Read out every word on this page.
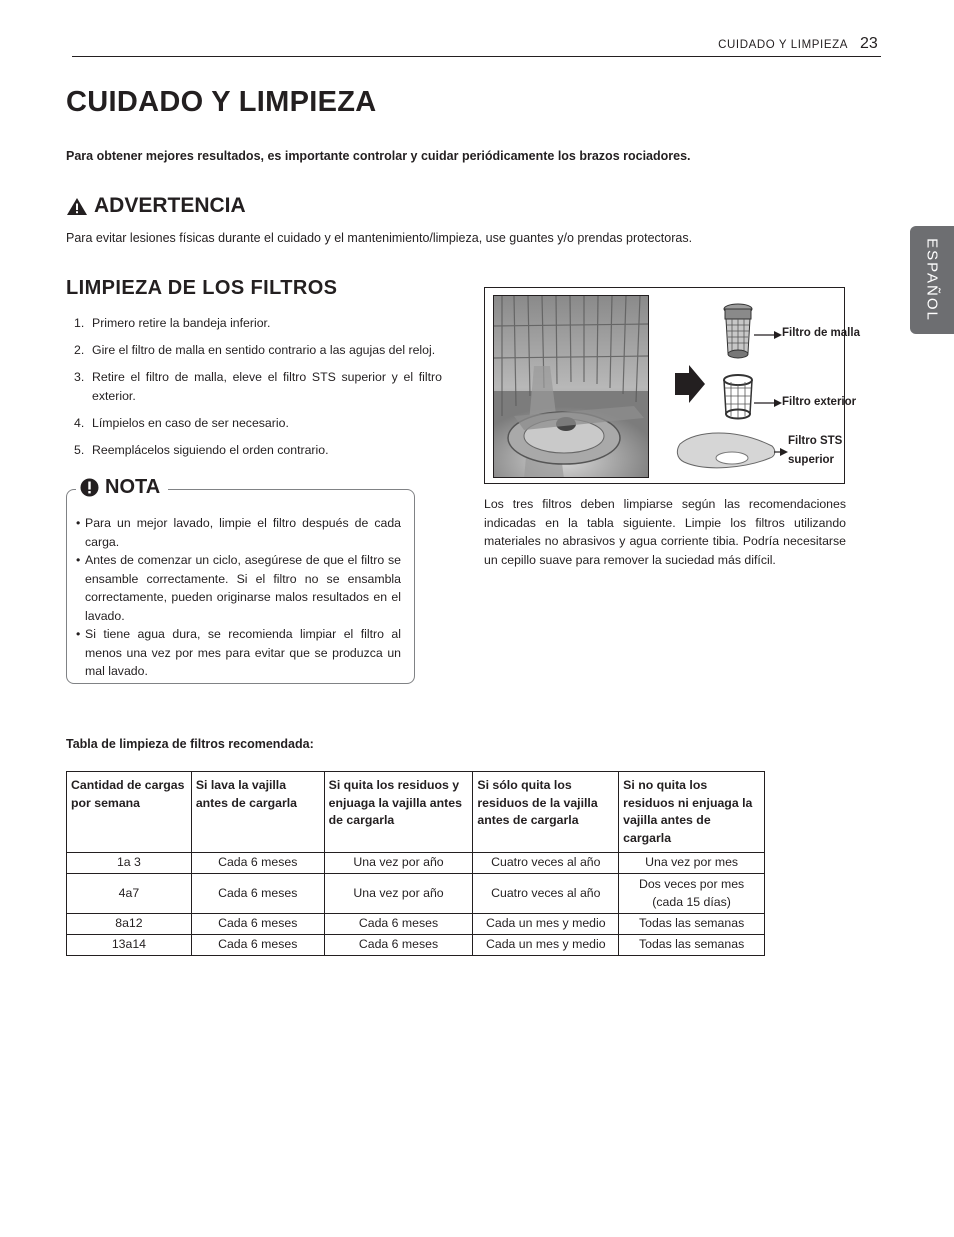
CUIDADO Y LIMPIEZA 23
ESPAÑOL
CUIDADO Y LIMPIEZA

Para obtener mejores resultados, es importante controlar y cuidar periódicamente los brazos rociadores.

ADVERTENCIA

Para evitar lesiones físicas durante el cuidado y el mantenimiento/limpieza, use guantes y/o prendas protectoras.

LIMPIEZA DE LOS FILTROS
1. Primero retire la bandeja inferior.
2. Gire el filtro de malla en sentido contrario a las agujas del reloj.
3. Retire el filtro de malla, eleve el filtro STS superior y el filtro exterior.
4. Límpielos en caso de ser necesario.
5. Reemplácelos siguiendo el orden contrario.
NOTA
• Para un mejor lavado, limpie el filtro después de cada carga.
• Antes de comenzar un ciclo, asegúrese de que el filtro se ensamble correctamente. Si el filtro no se ensambla correctamente, pueden originarse malos resultados en el lavado.
• Si tiene agua dura, se recomienda limpiar el filtro al menos una vez por mes para evitar que se produzca un mal lavado.
Filtro de malla
Filtro exterior
Filtro STS
superior

Los tres filtros deben limpiarse según las recomendaciones indicadas en la tabla siguiente. Limpie los filtros utilizando materiales no abrasivos y agua corriente tibia. Podría necesitarse un cepillo suave para remover la suciedad más difícil.

Tabla de limpieza de filtros recomendada:

Cantidad de cargas por semana	Si lava la vajilla antes de cargarla	Si quita los residuos y enjuaga la vajilla antes de cargarla	Si sólo quita los residuos de la vajilla antes de cargarla	Si no quita los residuos ni enjuaga la vajilla antes de cargarla
1a 3	Cada 6 meses	Una vez por año	Cuatro veces al año	Una vez por mes
4a7	Cada 6 meses	Una vez por año	Cuatro veces al año	Dos veces por mes (cada 15 días)
8a12	Cada 6 meses	Cada 6 meses	Cada un mes y medio	Todas las semanas
13a14	Cada 6 meses	Cada 6 meses	Cada un mes y medio	Todas las semanas
